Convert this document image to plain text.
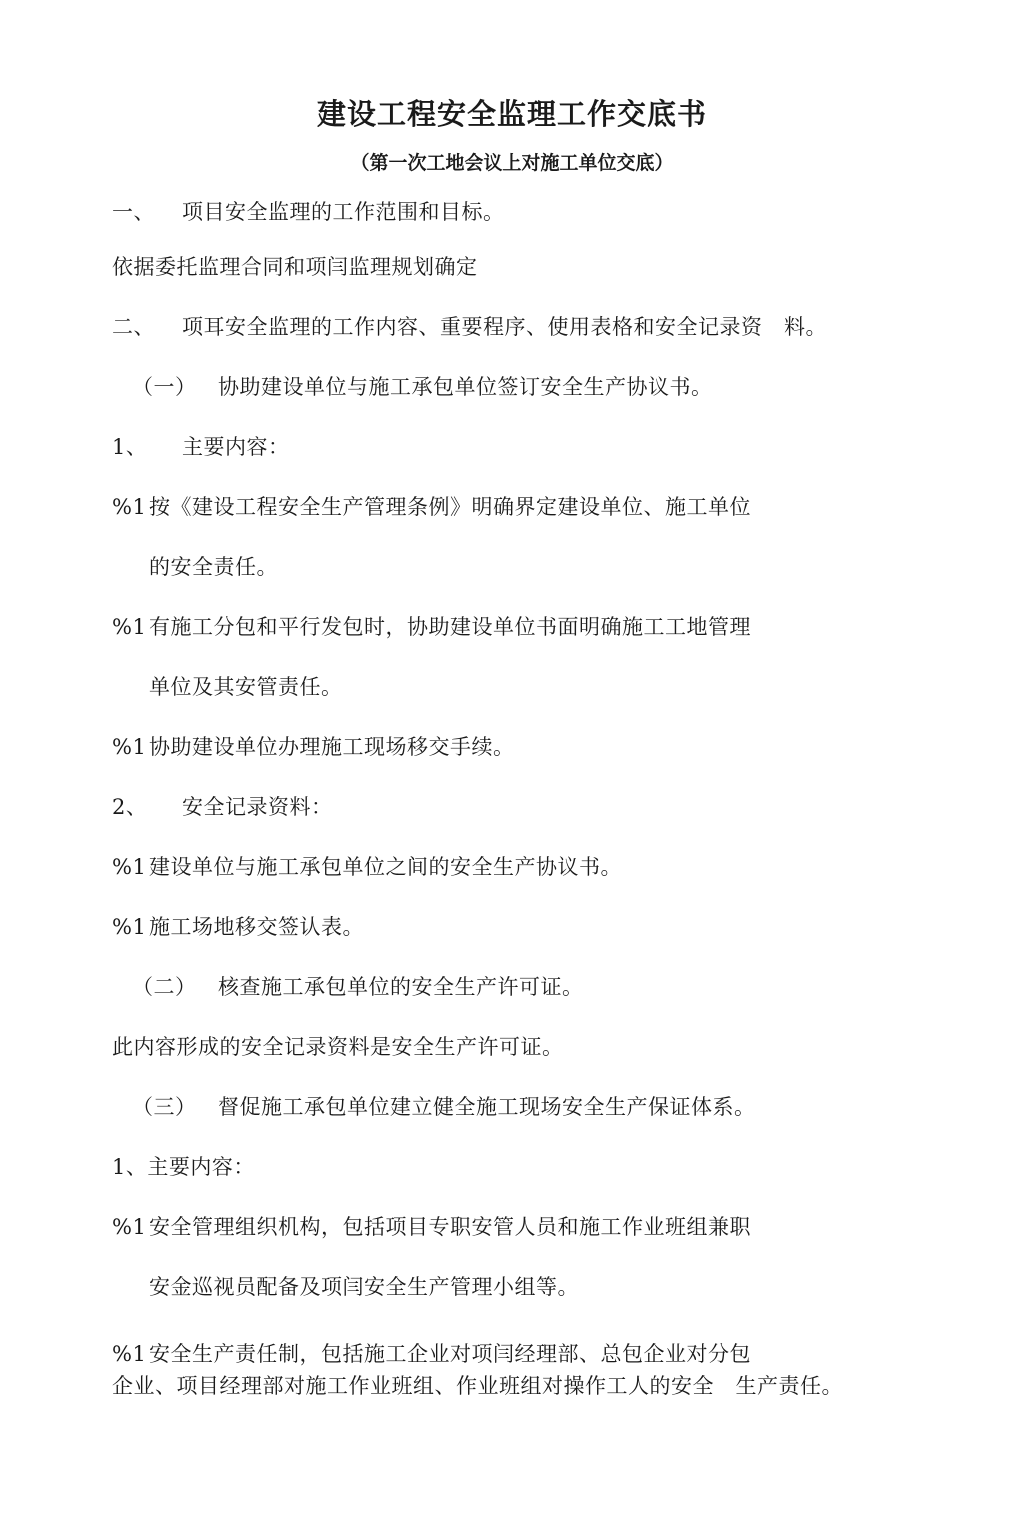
建设工程安全监理工作交底书
（第一次工地会议上对施工单位交底）
一、 项目安全监理的工作范围和目标。
依据委托监理合同和项闫监理规划确定
二、 项耳安全监理的工作内容、重要程序、使用表格和安全记录资　料。
（一） 协助建设单位与施工承包单位签订安全生产协议书。
1、 主要内容：
%1 按《建设工程安全生产管理条例》明确界定建设单位、施工单位
的安全责任。
%1 有施工分包和平行发包时，协助建设单位书面明确施工工地管理
单位及其安管责任。
%1 协助建设单位办理施工现场移交手续。
2、 安全记录资料：
%1 建设单位与施工承包单位之间的安全生产协议书。
%1 施工场地移交签认表。
（二） 核查施工承包单位的安全生产许可证。
此内容形成的安全记录资料是安全生产许可证。
（三） 督促施工承包单位建立健全施工现场安全生产保证体系。
1、主要内容：
%1 安全管理组织机构，包括项目专职安管人员和施工作业班组兼职
安金巡视员配备及项闫安全生产管理小组等。
%1 安全生产责任制，包括施工企业对项闫经理部、总包企业对分包
企业、项目经理部对施工作业班组、作业班组对操作工人的安全　生产责任。
